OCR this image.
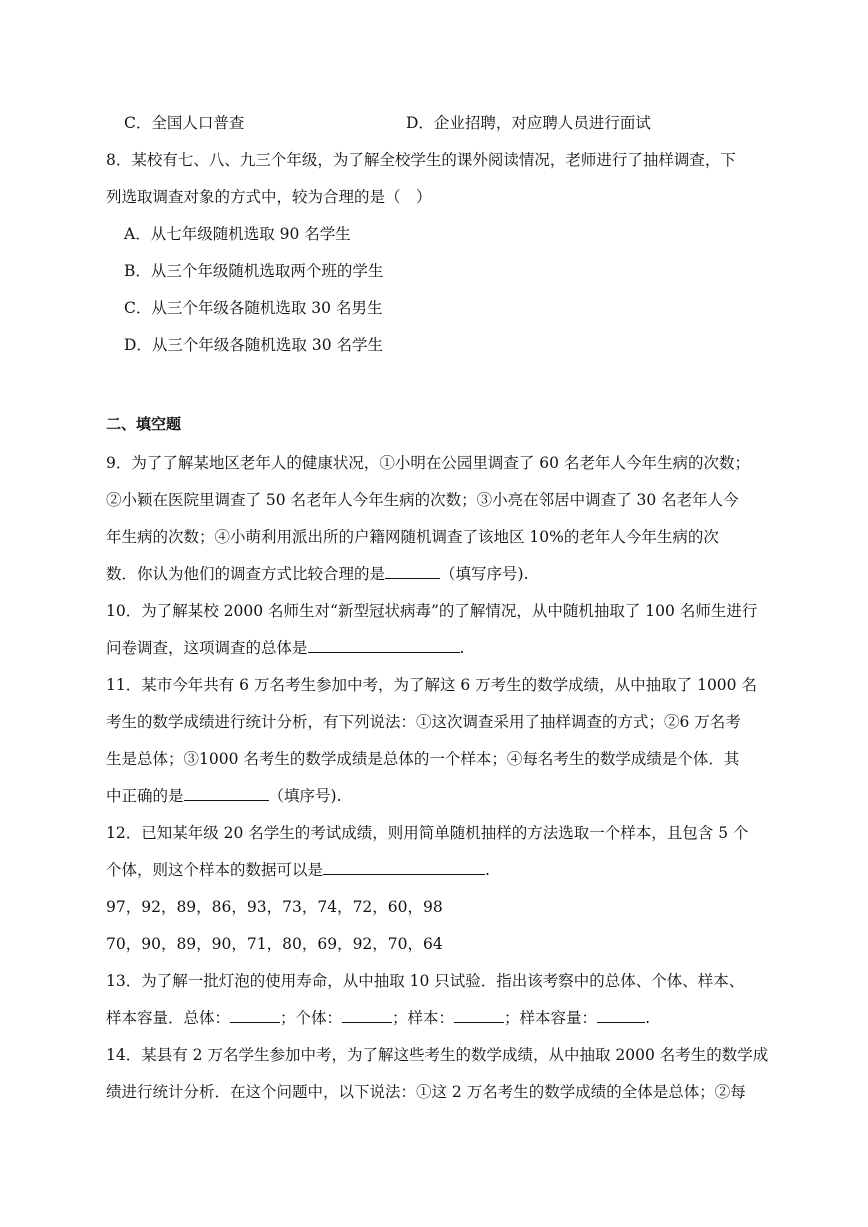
C．全国人口普查	D．企业招聘，对应聘人员进行面试
8．某校有七、八、九三个年级，为了解全校学生的课外阅读情况，老师进行了抽样调查，下
列选取调查对象的方式中，较为合理的是（　）
A．从七年级随机选取 90 名学生
B．从三个年级随机选取两个班的学生
C．从三个年级各随机选取 30 名男生
D．从三个年级各随机选取 30 名学生
二、填空题
9．为了了解某地区老年人的健康状况，①小明在公园里调查了 60 名老年人今年生病的次数；
②小颖在医院里调查了 50 名老年人今年生病的次数；③小亮在邻居中调查了 30 名老年人今
年生病的次数；④小萌利用派出所的户籍网随机调查了该地区 10%的老年人今年生病的次
数．你认为他们的调查方式比较合理的是	（填写序号).
10．为了解某校 2000 名师生对“新型冠状病毒”的了解情况，从中随机抽取了 100 名师生进行
问卷调查，这项调查的总体是	.
11．某市今年共有 6 万名考生参加中考，为了解这 6 万考生的数学成绩，从中抽取了 1000 名
考生的数学成绩进行统计分析，有下列说法：①这次调查采用了抽样调查的方式；②6 万名考
生是总体；③1000 名考生的数学成绩是总体的一个样本；④每名考生的数学成绩是个体．其
中正确的是	（填序号).
12．已知某年级 20 名学生的考试成绩，则用简单随机抽样的方法选取一个样本，且包含 5 个
个体，则这个样本的数据可以是	.
97，92，89，86，93，73，74，72，60，98
70，90，89，90，71，80，69，92，70，64
13．为了解一批灯泡的使用寿命，从中抽取 10 只试验．指出该考察中的总体、个体、样本、
样本容量．总体：	；个体：	；样本：	；样本容量：	.
14．某县有 2 万名学生参加中考，为了解这些考生的数学成绩，从中抽取 2000 名考生的数学成
绩进行统计分析．在这个问题中，以下说法：①这 2 万名考生的数学成绩的全体是总体；②每
